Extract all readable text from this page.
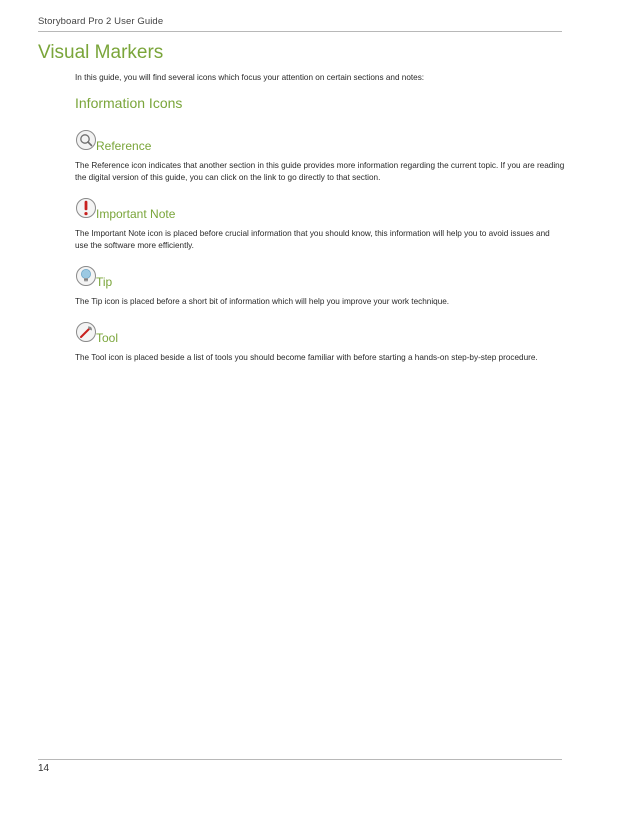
Storyboard Pro 2 User Guide
Visual Markers
In this guide, you will find several icons which focus your attention on certain sections and notes:
Information Icons
Reference
The Reference icon indicates that another section in this guide provides more information regarding the current topic. If you are reading the digital version of this guide, you can click on the link to go directly to that section.
Important Note
The Important Note icon is placed before crucial information that you should know, this information will help you to avoid issues and use the software more efficiently.
Tip
The Tip icon is placed before a short bit of information which will help you improve your work technique.
Tool
The Tool icon is placed beside a list of tools you should become familiar with before starting a hands-on step-by-step procedure.
14
